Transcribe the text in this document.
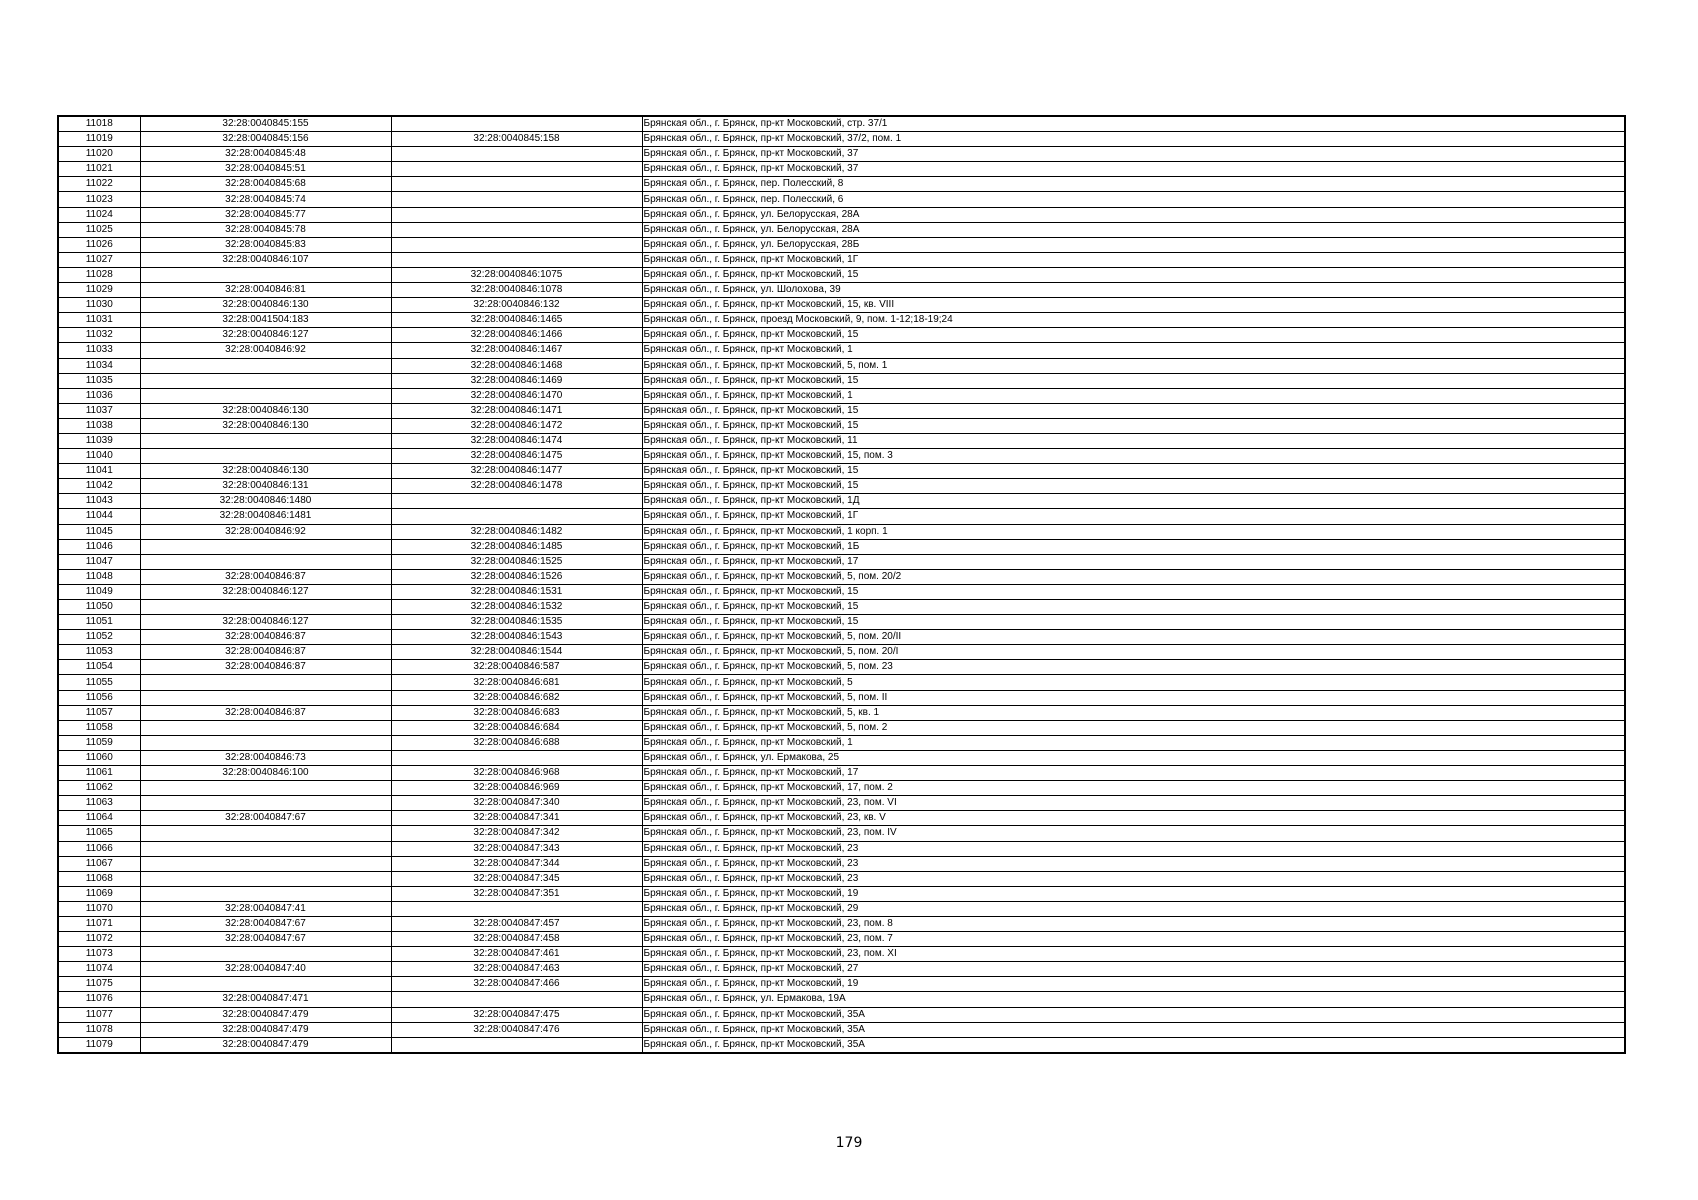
11018	32:28:0040845:155		Брянская обл., г. Брянск, пр-кт Московский, стр. 37/1
11019	32:28:0040845:156	32:28:0040845:158	Брянская обл., г. Брянск, пр-кт Московский, 37/2, пом. 1
11020	32:28:0040845:48		Брянская обл., г. Брянск, пр-кт Московский, 37
11021	32:28:0040845:51		Брянская обл., г. Брянск, пр-кт Московский, 37
11022	32:28:0040845:68		Брянская обл., г. Брянск, пер. Полесский, 8
11023	32:28:0040845:74		Брянская обл., г. Брянск, пер. Полесский, 6
11024	32:28:0040845:77		Брянская обл., г. Брянск, ул. Белорусская, 28А
11025	32:28:0040845:78		Брянская обл., г. Брянск, ул. Белорусская, 28А
11026	32:28:0040845:83		Брянская обл., г. Брянск, ул. Белорусская, 28Б
11027	32:28:0040846:107		Брянская обл., г. Брянск, пр-кт Московский, 1Г
11028		32:28:0040846:1075	Брянская обл., г. Брянск, пр-кт Московский, 15
11029	32:28:0040846:81	32:28:0040846:1078	Брянская обл., г. Брянск, ул. Шолохова, 39
11030	32:28:0040846:130	32:28:0040846:132	Брянская обл., г. Брянск, пр-кт Московский, 15, кв. VIII
11031	32:28:0041504:183	32:28:0040846:1465	Брянская обл., г. Брянск, проезд Московский, 9, пом. 1-12;18-19;24
11032	32:28:0040846:127	32:28:0040846:1466	Брянская обл., г. Брянск, пр-кт Московский, 15
11033	32:28:0040846:92	32:28:0040846:1467	Брянская обл., г. Брянск, пр-кт Московский, 1
11034		32:28:0040846:1468	Брянская обл., г. Брянск, пр-кт Московский, 5, пом. 1
11035		32:28:0040846:1469	Брянская обл., г. Брянск, пр-кт Московский, 15
11036		32:28:0040846:1470	Брянская обл., г. Брянск, пр-кт Московский, 1
11037	32:28:0040846:130	32:28:0040846:1471	Брянская обл., г. Брянск, пр-кт Московский, 15
11038	32:28:0040846:130	32:28:0040846:1472	Брянская обл., г. Брянск, пр-кт Московский, 15
11039		32:28:0040846:1474	Брянская обл., г. Брянск, пр-кт Московский, 11
11040		32:28:0040846:1475	Брянская обл., г. Брянск, пр-кт Московский, 15, пом. 3
11041	32:28:0040846:130	32:28:0040846:1477	Брянская обл., г. Брянск, пр-кт Московский, 15
11042	32:28:0040846:131	32:28:0040846:1478	Брянская обл., г. Брянск, пр-кт Московский, 15
11043	32:28:0040846:1480		Брянская обл., г. Брянск, пр-кт Московский, 1Д
11044	32:28:0040846:1481		Брянская обл., г. Брянск, пр-кт Московский, 1Г
11045	32:28:0040846:92	32:28:0040846:1482	Брянская обл., г. Брянск, пр-кт Московский, 1 корп. 1
11046		32:28:0040846:1485	Брянская обл., г. Брянск, пр-кт Московский, 1Б
11047		32:28:0040846:1525	Брянская обл., г. Брянск, пр-кт Московский, 17
11048	32:28:0040846:87	32:28:0040846:1526	Брянская обл., г. Брянск, пр-кт Московский, 5, пом. 20/2
11049	32:28:0040846:127	32:28:0040846:1531	Брянская обл., г. Брянск, пр-кт Московский, 15
11050		32:28:0040846:1532	Брянская обл., г. Брянск, пр-кт Московский, 15
11051	32:28:0040846:127	32:28:0040846:1535	Брянская обл., г. Брянск, пр-кт Московский, 15
11052	32:28:0040846:87	32:28:0040846:1543	Брянская обл., г. Брянск, пр-кт Московский, 5, пом. 20/II
11053	32:28:0040846:87	32:28:0040846:1544	Брянская обл., г. Брянск, пр-кт Московский, 5, пом. 20/I
11054	32:28:0040846:87	32:28:0040846:587	Брянская обл., г. Брянск, пр-кт Московский, 5, пом. 23
11055		32:28:0040846:681	Брянская обл., г. Брянск, пр-кт Московский, 5
11056		32:28:0040846:682	Брянская обл., г. Брянск, пр-кт Московский, 5, пом. II
11057	32:28:0040846:87	32:28:0040846:683	Брянская обл., г. Брянск, пр-кт Московский, 5, кв. 1
11058		32:28:0040846:684	Брянская обл., г. Брянск, пр-кт Московский, 5, пом. 2
11059		32:28:0040846:688	Брянская обл., г. Брянск, пр-кт Московский, 1
11060	32:28:0040846:73		Брянская обл., г. Брянск, ул. Ермакова, 25
11061	32:28:0040846:100	32:28:0040846:968	Брянская обл., г. Брянск, пр-кт Московский, 17
11062		32:28:0040846:969	Брянская обл., г. Брянск, пр-кт Московский, 17, пом. 2
11063		32:28:0040847:340	Брянская обл., г. Брянск, пр-кт Московский, 23, пом. VI
11064	32:28:0040847:67	32:28:0040847:341	Брянская обл., г. Брянск, пр-кт Московский, 23, кв. V
11065		32:28:0040847:342	Брянская обл., г. Брянск, пр-кт Московский, 23, пом. IV
11066		32:28:0040847:343	Брянская обл., г. Брянск, пр-кт Московский, 23
11067		32:28:0040847:344	Брянская обл., г. Брянск, пр-кт Московский, 23
11068		32:28:0040847:345	Брянская обл., г. Брянск, пр-кт Московский, 23
11069		32:28:0040847:351	Брянская обл., г. Брянск, пр-кт Московский, 19
11070	32:28:0040847:41		Брянская обл., г. Брянск, пр-кт Московский, 29
11071	32:28:0040847:67	32:28:0040847:457	Брянская обл., г. Брянск, пр-кт Московский, 23, пом. 8
11072	32:28:0040847:67	32:28:0040847:458	Брянская обл., г. Брянск, пр-кт Московский, 23, пом. 7
11073		32:28:0040847:461	Брянская обл., г. Брянск, пр-кт Московский, 23, пом. XI
11074	32:28:0040847:40	32:28:0040847:463	Брянская обл., г. Брянск, пр-кт Московский, 27
11075		32:28:0040847:466	Брянская обл., г. Брянск, пр-кт Московский, 19
11076	32:28:0040847:471		Брянская обл., г. Брянск, ул. Ермакова, 19А
11077	32:28:0040847:479	32:28:0040847:475	Брянская обл., г. Брянск, пр-кт Московский, 35А
11078	32:28:0040847:479	32:28:0040847:476	Брянская обл., г. Брянск, пр-кт Московский, 35А
11079	32:28:0040847:479		Брянская обл., г. Брянск, пр-кт Московский, 35А
179
